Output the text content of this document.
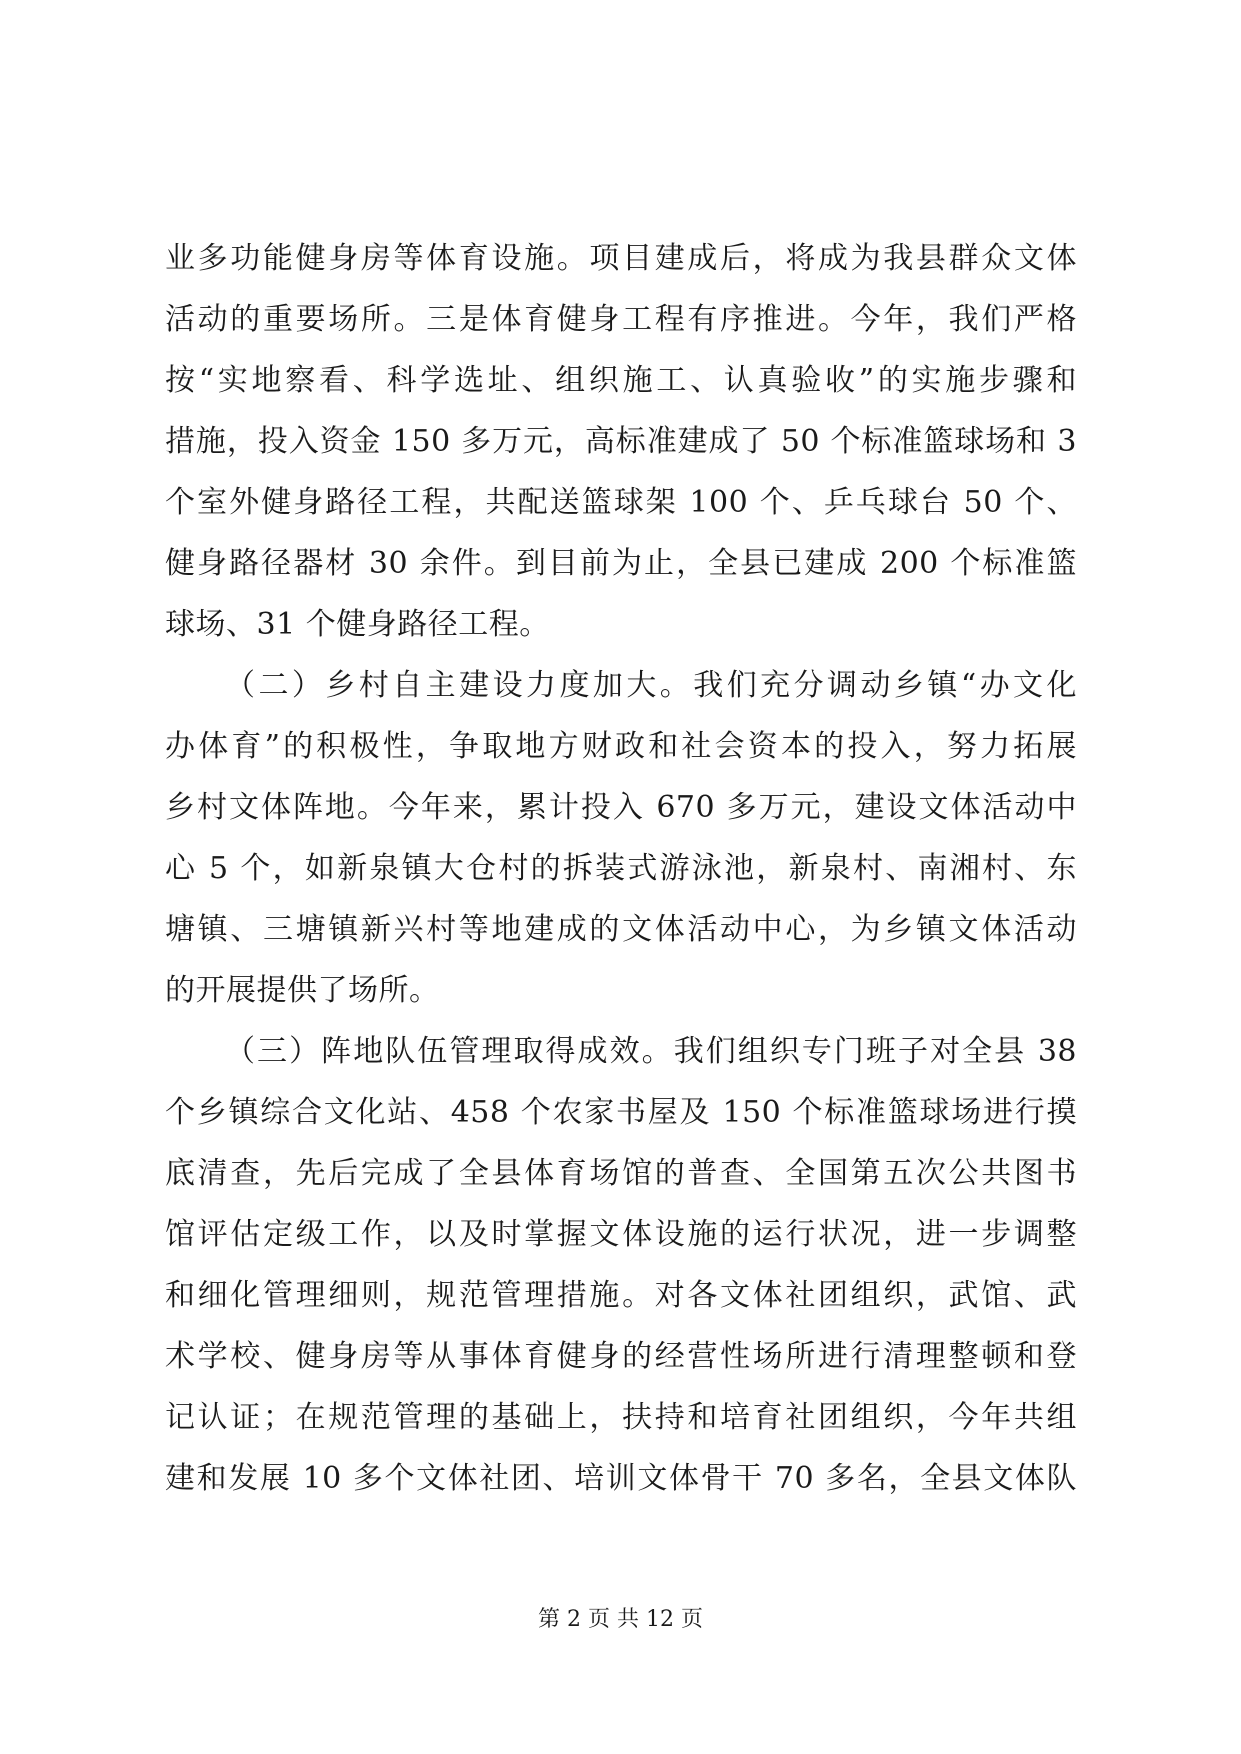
业多功能健身房等体育设施。项目建成后，将成为我县群众文体
活动的重要场所。三是体育健身工程有序推进。今年，我们严格
按“实地察看、科学选址、组织施工、认真验收”的实施步骤和
措施，投入资金 150 多万元，高标准建成了 50 个标准篮球场和 3
个室外健身路径工程，共配送篮球架 100 个、乒乓球台 50 个、
健身路径器材 30 余件。到目前为止，全县已建成 200 个标准篮
球场、31 个健身路径工程。
（二）乡村自主建设力度加大。我们充分调动乡镇“办文化
办体育”的积极性，争取地方财政和社会资本的投入，努力拓展
乡村文体阵地。今年来，累计投入 670 多万元，建设文体活动中
心 5 个，如新泉镇大仓村的拆装式游泳池，新泉村、南湘村、东
塘镇、三塘镇新兴村等地建成的文体活动中心，为乡镇文体活动
的开展提供了场所。
（三）阵地队伍管理取得成效。我们组织专门班子对全县 38
个乡镇综合文化站、458 个农家书屋及 150 个标准篮球场进行摸
底清查，先后完成了全县体育场馆的普查、全国第五次公共图书
馆评估定级工作，以及时掌握文体设施的运行状况，进一步调整
和细化管理细则，规范管理措施。对各文体社团组织，武馆、武
术学校、健身房等从事体育健身的经营性场所进行清理整顿和登
记认证；在规范管理的基础上，扶持和培育社团组织，今年共组
建和发展 10 多个文体社团、培训文体骨干 70 多名，全县文体队
第 2 页 共 12 页
